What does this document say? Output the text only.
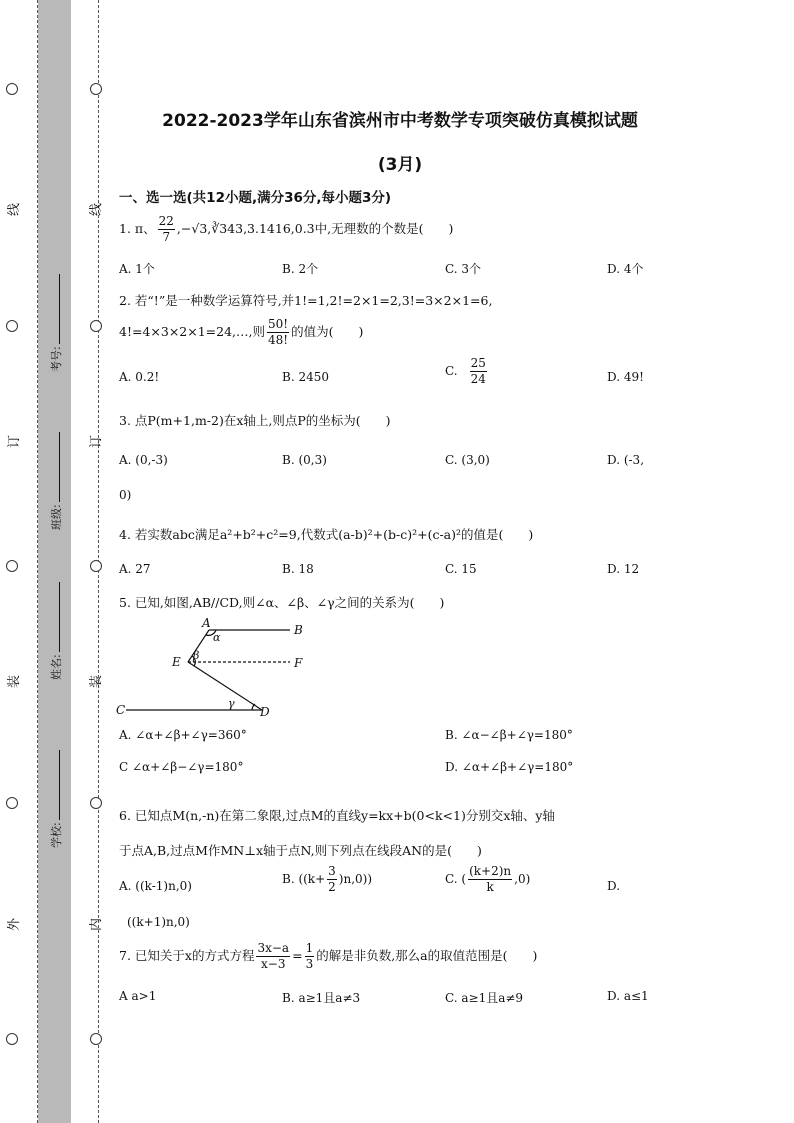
线
订
装
外
线
订
装
内
考号:
班级:
姓名:
学校:
2022-2023学年山东省滨州市中考数学专项突破仿真模拟试题
(3月)
一、选一选(共12小题,满分36分,每小题3分)
1. π、 $\frac{22}{7}$ ,−√3,∛343,3.1416,0.3中,无理数的个数是(　　)
A. 1个	B. 2个	C. 3个	D. 4个
2. 若“!”是一种数学运算符号,并1!=1,2!=2×1=2,3!=3×2×1=6,
4!=4×3×2×1=24,…,则 $\frac{50!}{48!}$ 的值为(　　)
A. 0.2!	B. 2450	C. $\frac{25}{24}$	D. 49!
3. 点P(m+1,m-2)在x轴上,则点P的坐标为(　　)
A. (0,-3)	B. (0,3)	C. (3,0)	D. (-3,
0)
4. 若实数abc满足a²+b²+c²=9,代数式(a-b)²+(b-c)²+(c-a)²的值是(　　)
A. 27	B. 18	C. 15	D. 12
5. 已知,如图,AB//CD,则∠α、∠β、∠γ之间的关系为(　　)
A	B
E	F
C	D
α
β
γ
A. ∠α+∠β+∠γ=360°	B. ∠α−∠β+∠γ=180°
C ∠α+∠β−∠γ=180°	D. ∠α+∠β+∠γ=180°
6. 已知点M(n,-n)在第二象限,过点M的直线y=kx+b(0<k<1)分别交x轴、y轴
于点A,B,过点M作MN⊥x轴于点N,则下列点在线段AN的是(　　)
A. ((k-1)n,0)	B. $((k+ \frac{3}{2} )n,0)$)	C. ( $\frac{(k+2)n}{k} ,0$)	D.
((k+1)n,0)
7. 已知关于x的方式方程 $\frac{3x-a}{x-3} = \frac{1}{3}$ 的解是非负数,那么a的取值范围是(　　)
A a>1	B. a≥1且a≠3	C. a≥1且a≠9	D. a≤1
